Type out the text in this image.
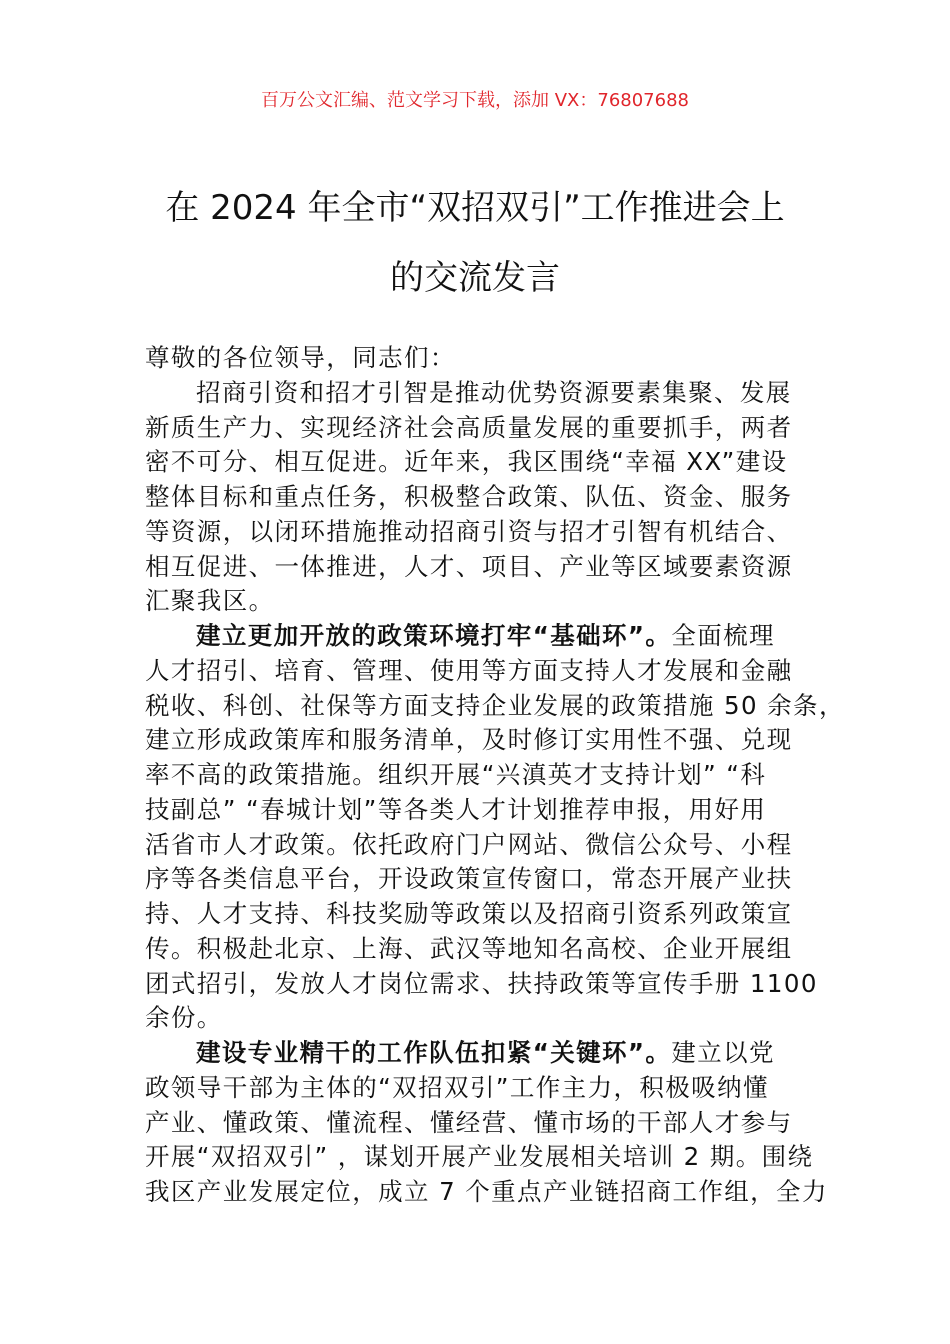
百万公文汇编、范文学习下载，添加 VX：76807688
在 2024 年全市“双招双引”工作推进会上
的交流发言
尊敬的各位领导，同志们：
招商引资和招才引智是推动优势资源要素集聚、发展
新质生产力、实现经济社会高质量发展的重要抓手，两者
密不可分、相互促进。近年来，我区围绕“幸福 XX”建设
整体目标和重点任务，积极整合政策、队伍、资金、服务
等资源，以闭环措施推动招商引资与招才引智有机结合、
相互促进、一体推进，人才、项目、产业等区域要素资源
汇聚我区。
建立更加开放的政策环境打牢“基础环”。全面梳理
人才招引、培育、管理、使用等方面支持人才发展和金融
税收、科创、社保等方面支持企业发展的政策措施 50 余条，
建立形成政策库和服务清单，及时修订实用性不强、兑现
率不高的政策措施。组织开展“兴滇英才支持计划” “科
技副总” “春城计划”等各类人才计划推荐申报，用好用
活省市人才政策。依托政府门户网站、微信公众号、小程
序等各类信息平台，开设政策宣传窗口，常态开展产业扶
持、人才支持、科技奖励等政策以及招商引资系列政策宣
传。积极赴北京、上海、武汉等地知名高校、企业开展组
团式招引，发放人才岗位需求、扶持政策等宣传手册 1100
余份。
建设专业精干的工作队伍扣紧“关键环”。建立以党
政领导干部为主体的“双招双引”工作主力，积极吸纳懂
产业、懂政策、懂流程、懂经营、懂市场的干部人才参与
开展“双招双引” ，谋划开展产业发展相关培训 2 期。围绕
我区产业发展定位，成立 7 个重点产业链招商工作组，全力
